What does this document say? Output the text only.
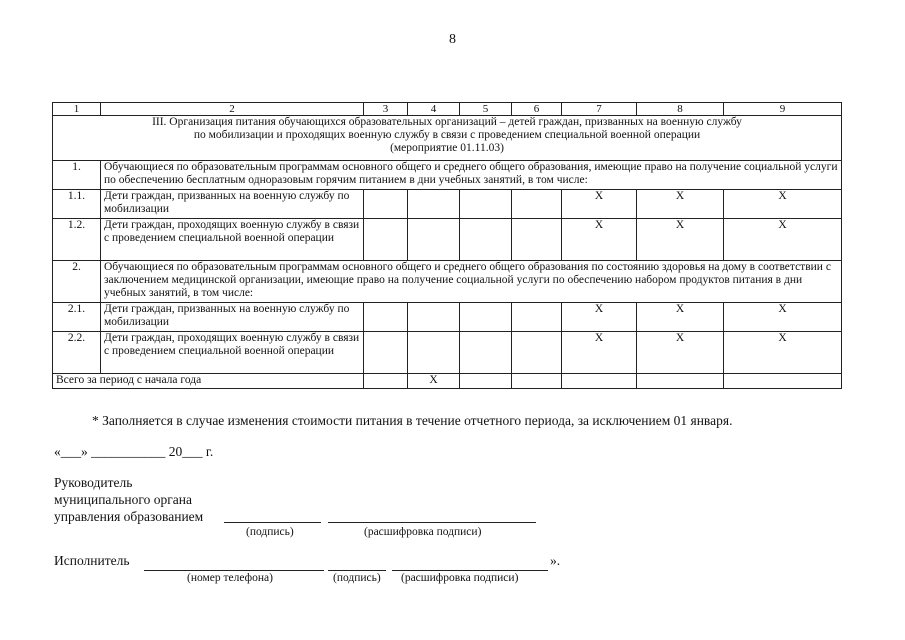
8
1	2	3	4	5	6	7	8	9

III. Организация питания обучающихся образовательных организаций – детей граждан, призванных на военную службу
по мобилизации и проходящих военную службу в связи с проведением специальной военной операции
(мероприятие 01.11.03)								

1.	Обучающиеся по образовательным программам основного общего и среднего общего образования, имеющие право на получение социальной услуги по обеспечению бесплатным одноразовым горячим питанием в дни учебных занятий, в том числе:							
1.1.	Дети граждан, призванных на военную службу по мобилизации					X	X	X
1.2.	Дети граждан, проходящих военную службу в связи с проведением специальной военной операции					X	X	X
2.	Обучающиеся по образовательным программам основного общего и среднего общего образования по состоянию здоровья на дому в соответствии с заключением медицинской организации, имеющие право на получение социальной услуги по обеспечению набором продуктов питания в дни учебных занятий, в том числе:							
2.1.	Дети граждан, призванных на военную службу по мобилизации					X	X	X
2.2.	Дети граждан, проходящих военную службу в связи с проведением специальной военной операции					X	X	X
Всего за период с начала года			X					
* Заполняется в случае изменения стоимости питания в течение отчетного периода, за исключением 01 января.
«___» ___________ 20___ г.
Руководитель
муниципального органа
управления образованием
(подпись)	(расшифровка подписи)
Исполнитель	».
(номер телефона)	(подпись) (расшифровка подписи)
